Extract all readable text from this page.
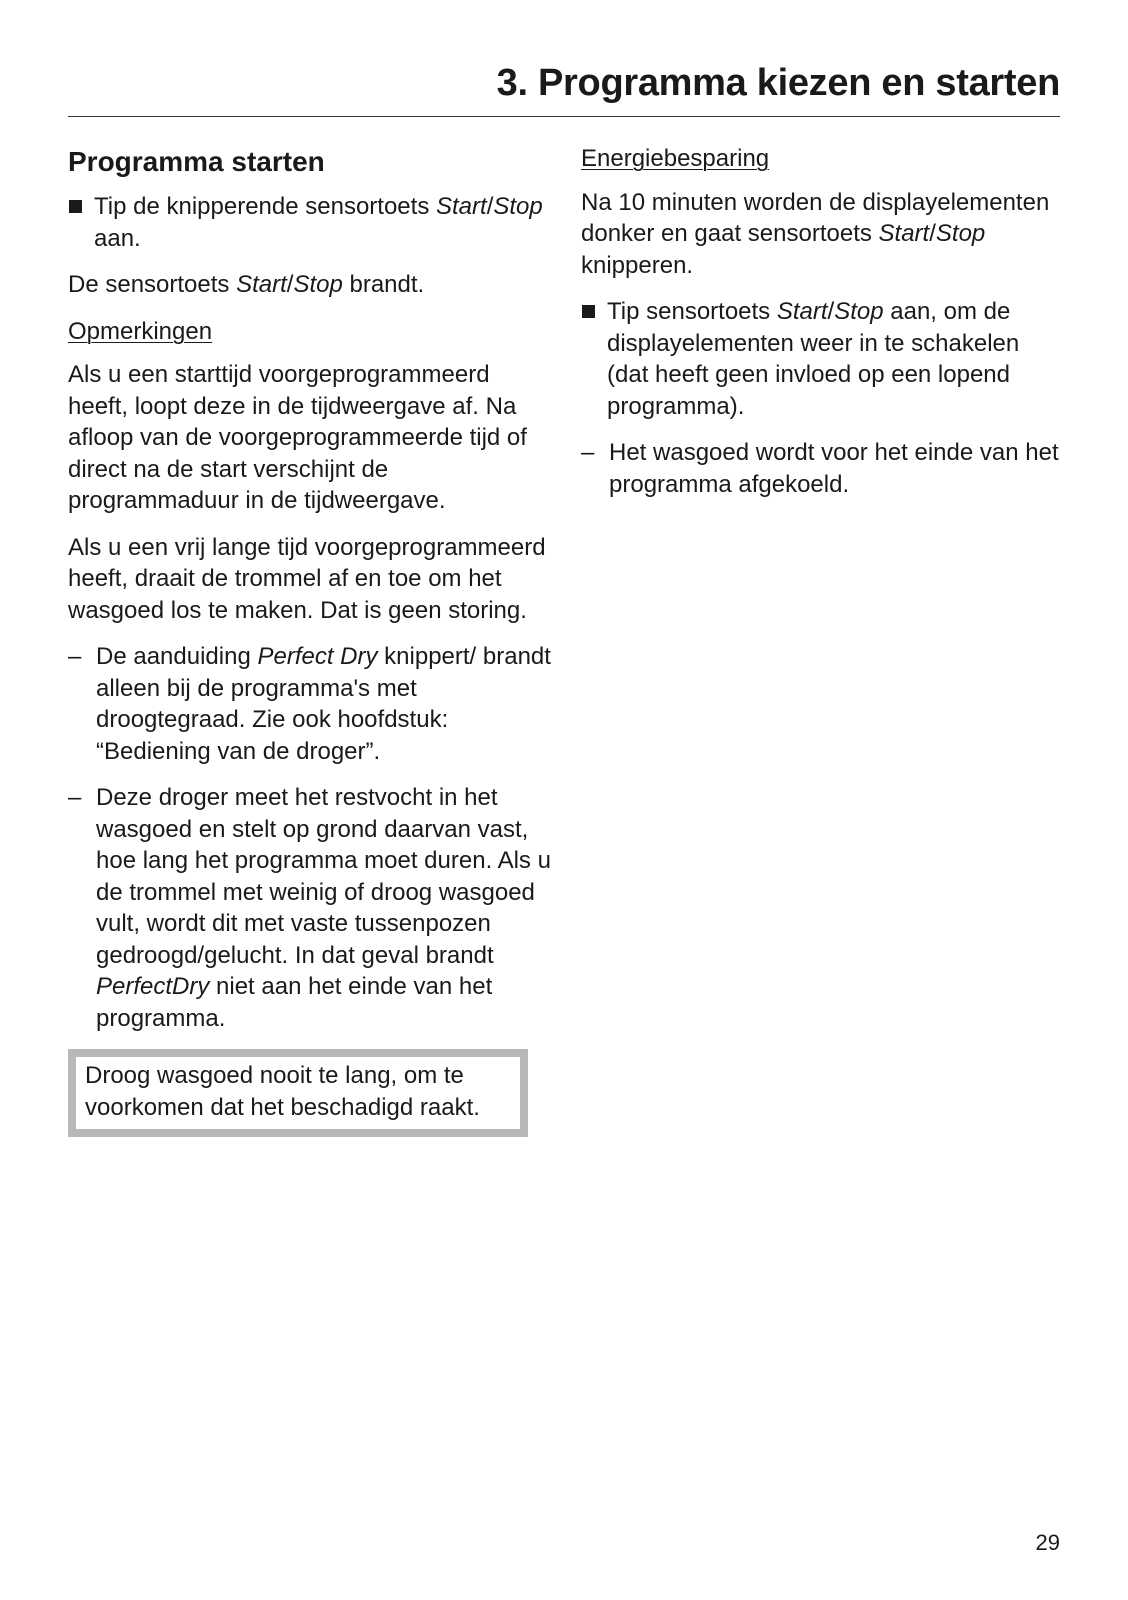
3. Programma kiezen en starten
Programma starten
Tip de knipperende sensortoets Start/Stop aan.

De sensortoets Start/Stop brandt.

Opmerkingen

Als u een starttijd voorgeprogrammeerd heeft, loopt deze in de tijdweergave af. Na afloop van de voorgeprogrammeerde tijd of direct na de start verschijnt de programmaduur in de tijdweergave.

Als u een vrij lange tijd voorgeprogrammeerd heeft, draait de trommel af en toe om het wasgoed los te maken. Dat is geen storing.

– De aanduiding Perfect Dry knippert/ brandt alleen bij de programma's met droogtegraad. Zie ook hoofdstuk: “Bediening van de droger”.
– Deze droger meet het restvocht in het wasgoed en stelt op grond daarvan vast, hoe lang het programma moet duren. Als u de trommel met weinig of droog wasgoed vult, wordt dit met vaste tussenpozen gedroogd/gelucht. In dat geval brandt PerfectDry niet aan het einde van het programma.
Droog wasgoed nooit te lang, om te voorkomen dat het beschadigd raakt.

Energiebesparing

Na 10 minuten worden de displayelementen donker en gaat sensortoets Start/Stop knipperen.

Tip sensortoets Start/Stop aan, om de displayelementen weer in te schakelen (dat heeft geen invloed op een lopend programma).
– Het wasgoed wordt voor het einde van het programma afgekoeld.
29
